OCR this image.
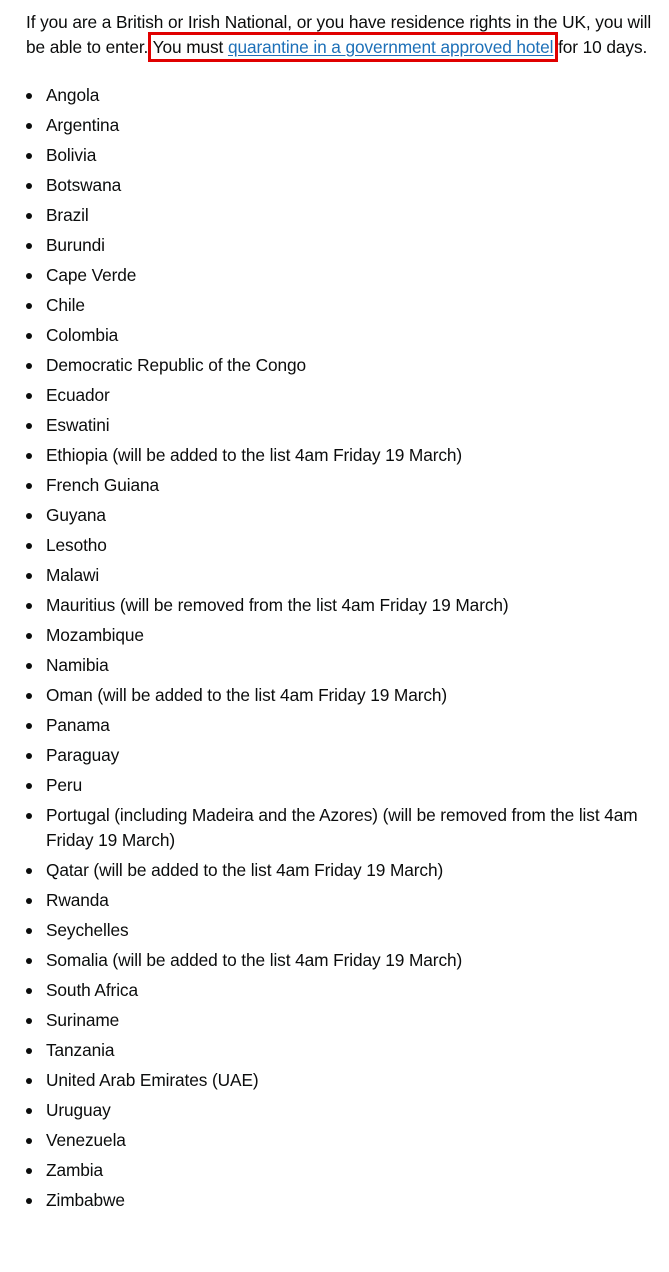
If you are a British or Irish National, or you have residence rights in the UK, you will be able to enter. You must quarantine in a government approved hotel for 10 days.

Angola
Argentina
Bolivia
Botswana
Brazil
Burundi
Cape Verde
Chile
Colombia
Democratic Republic of the Congo
Ecuador
Eswatini
Ethiopia (will be added to the list 4am Friday 19 March)
French Guiana
Guyana
Lesotho
Malawi
Mauritius (will be removed from the list 4am Friday 19 March)
Mozambique
Namibia
Oman (will be added to the list 4am Friday 19 March)
Panama
Paraguay
Peru
Portugal (including Madeira and the Azores) (will be removed from the list 4am Friday 19 March)
Qatar (will be added to the list 4am Friday 19 March)
Rwanda
Seychelles
Somalia (will be added to the list 4am Friday 19 March)
South Africa
Suriname
Tanzania
United Arab Emirates (UAE)
Uruguay
Venezuela
Zambia
Zimbabwe
